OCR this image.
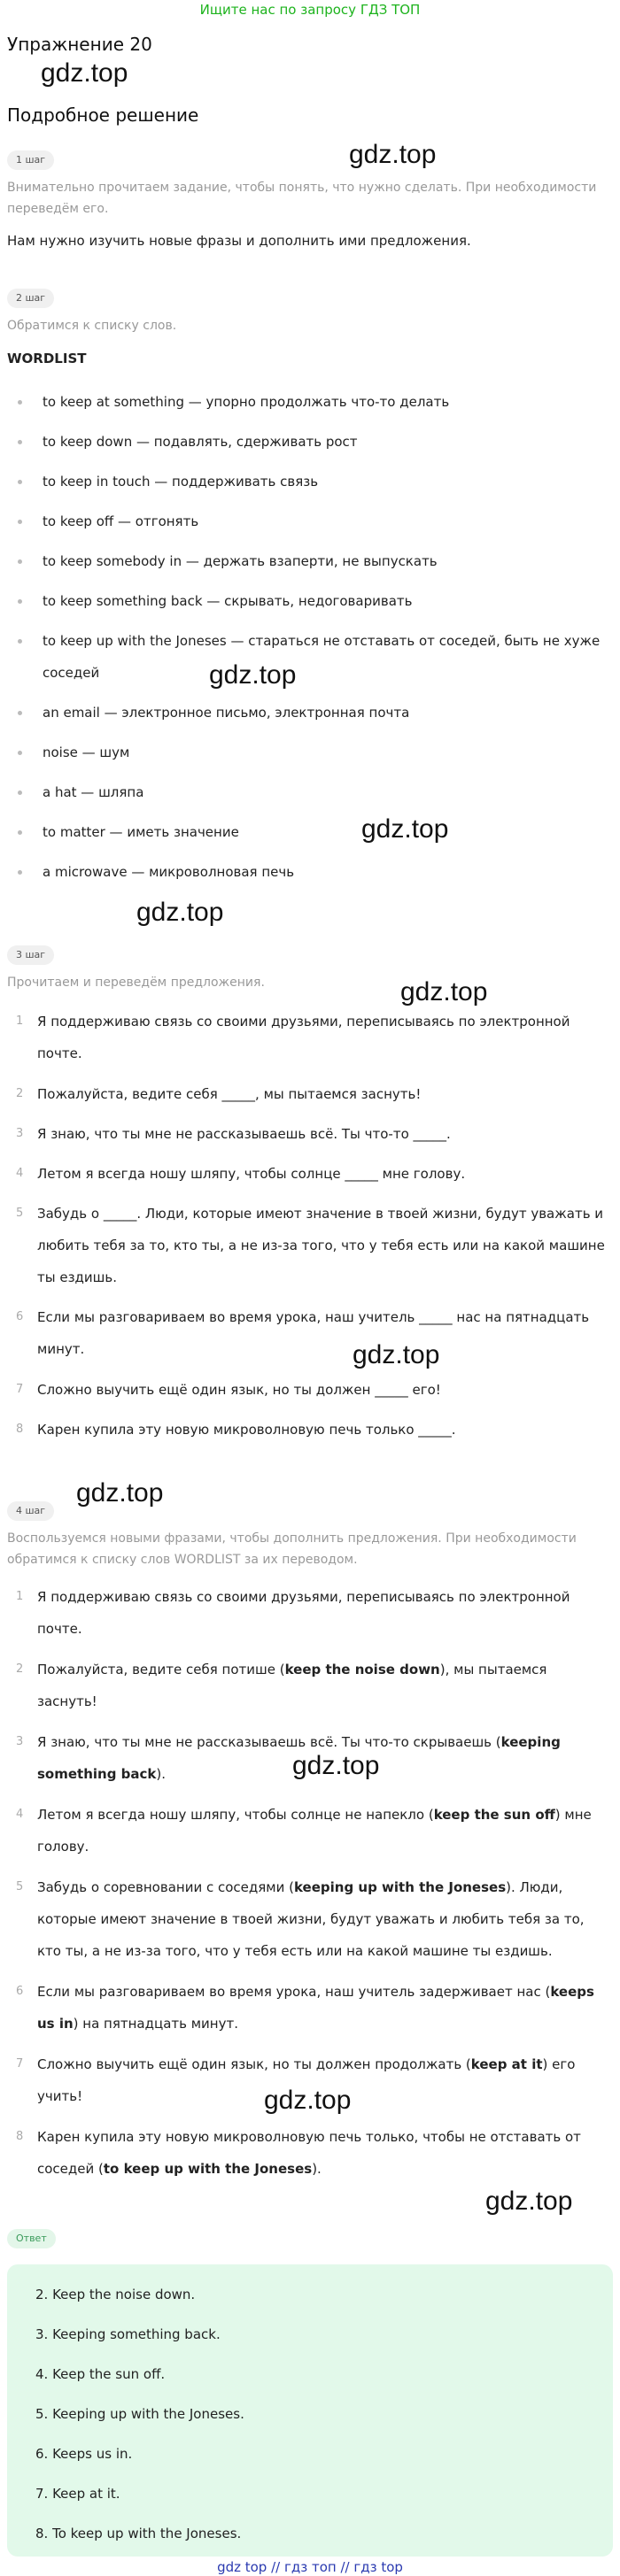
Ищите нас по запросу ГДЗ ТОП
Упражнение 20
Подробное решение
gdz.top
gdz.top
gdz.top
gdz.top
gdz.top
gdz.top
gdz.top
gdz.top
gdz.top
gdz.top
gdz.top
1 шаг
Внимательно прочитаем задание, чтобы понять, что нужно сделать. При необходимости переведём его.
Нам нужно изучить новые фразы и дополнить ими предложения.
2 шаг
Обратимся к списку слов.
WORDLIST
to keep at something — упорно продолжать что-то делать
to keep down — подавлять, сдерживать рост
to keep in touch — поддерживать связь
to keep off — отгонять
to keep somebody in — держать взаперти, не выпускать
to keep something back — скрывать, недоговаривать
to keep up with the Joneses — стараться не отставать от соседей, быть не хуже соседей
an email — электронное письмо, электронная почта
noise — шум
a hat — шляпа
to matter — иметь значение
a microwave — микроволновая печь
3 шаг
Прочитаем и переведём предложения.
1	Я поддерживаю связь со своими друзьями, переписываясь по электронной почте.
2	Пожалуйста, ведите себя _____, мы пытаемся заснуть!
3	Я знаю, что ты мне не рассказываешь всё. Ты что-то _____.
4	Летом я всегда ношу шляпу, чтобы солнце _____ мне голову.
5	Забудь о _____. Люди, которые имеют значение в твоей жизни, будут уважать и любить тебя за то, кто ты, а не из-за того, что у тебя есть или на какой машине ты ездишь.
6	Если мы разговариваем во время урока, наш учитель _____ нас на пятнадцать минут.
7	Сложно выучить ещё один язык, но ты должен _____ его!
8	Карен купила эту новую микроволновую печь только _____.
4 шаг
Воспользуемся новыми фразами, чтобы дополнить предложения. При необходимости обратимся к списку слов WORDLIST за их переводом.
1	Я поддерживаю связь со своими друзьями, переписываясь по электронной почте.
2	Пожалуйста, ведите себя потише (keep the noise down), мы пытаемся заснуть!
3	Я знаю, что ты мне не рассказываешь всё. Ты что-то скрываешь (keeping something back).
4	Летом я всегда ношу шляпу, чтобы солнце не напекло (keep the sun off) мне голову.
5	Забудь о соревновании с соседями (keeping up with the Joneses). Люди, которые имеют значение в твоей жизни, будут уважать и любить тебя за то, кто ты, а не из-за того, что у тебя есть или на какой машине ты ездишь.
6	Если мы разговариваем во время урока, наш учитель задерживает нас (keeps us in) на пятнадцать минут.
7	Сложно выучить ещё один язык, но ты должен продолжать (keep at it) его учить!
8	Карен купила эту новую микроволновую печь только, чтобы не отставать от соседей (to keep up with the Joneses).
Ответ
2. Keep the noise down.
3. Keeping something back.
4. Keep the sun off.
5. Keeping up with the Joneses.
6. Keeps us in.
7. Keep at it.
8. To keep up with the Joneses.
gdz top // гдз топ // гдз top
